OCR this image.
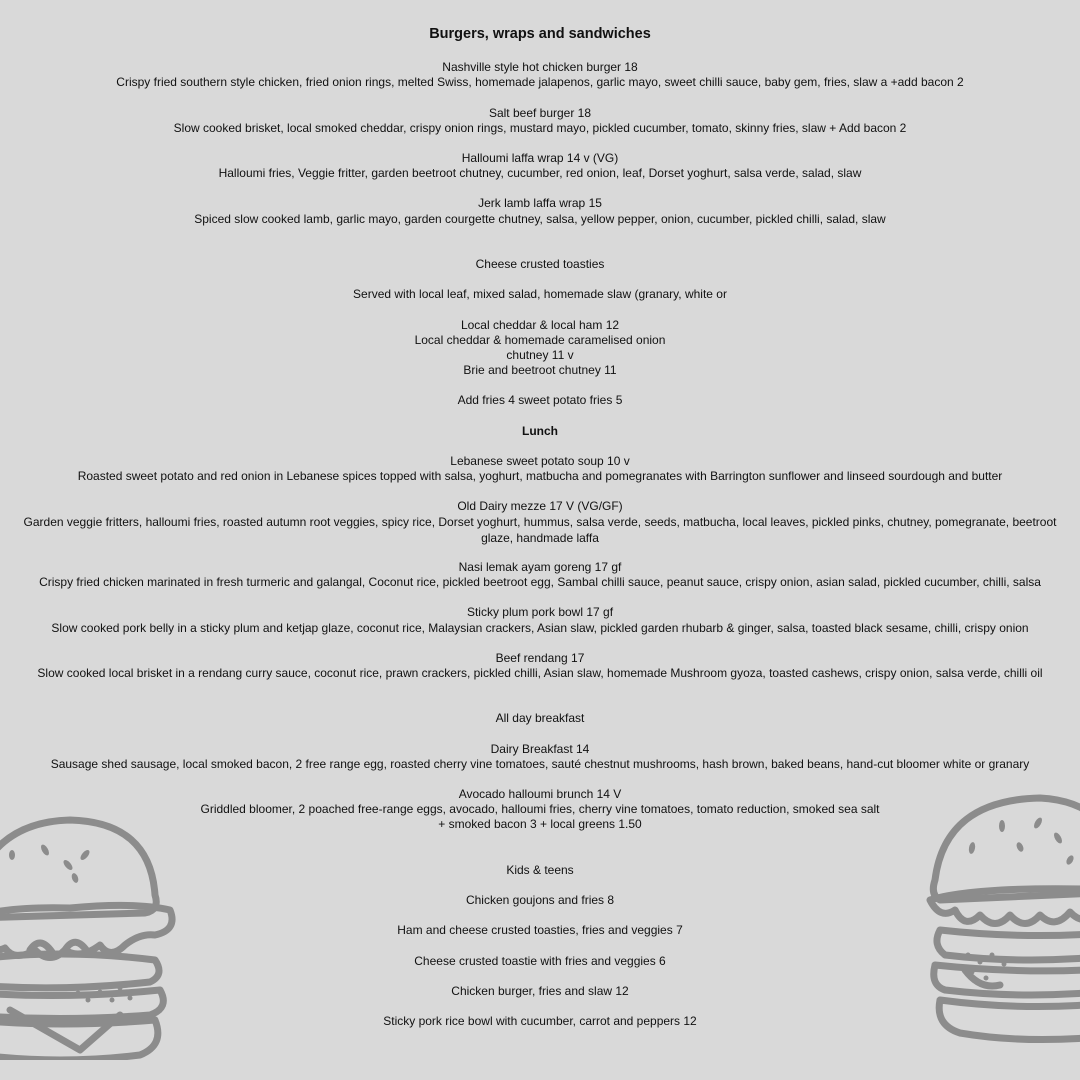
Burgers, wraps and sandwiches
Nashville style hot chicken burger 18
Crispy fried southern style chicken, fried onion rings, melted Swiss, homemade jalapenos, garlic mayo, sweet chilli sauce, baby gem, fries, slaw a +add bacon 2
Salt beef burger 18
Slow cooked brisket, local smoked cheddar, crispy onion rings, mustard mayo, pickled cucumber, tomato, skinny fries, slaw + Add bacon 2
Halloumi laffa wrap 14 v (VG)
Halloumi fries, Veggie fritter, garden beetroot chutney, cucumber, red onion, leaf, Dorset yoghurt, salsa verde, salad, slaw
Jerk lamb laffa wrap 15
Spiced slow cooked lamb, garlic mayo, garden courgette chutney, salsa, yellow pepper, onion, cucumber, pickled chilli, salad, slaw
Cheese crusted toasties
Served with local leaf, mixed salad, homemade slaw (granary, white or
Local cheddar & local ham 12
Local cheddar & homemade caramelised onion
chutney 11 v
Brie and beetroot chutney 11
Add fries 4 sweet potato fries 5
Lunch
Lebanese sweet potato soup 10 v
Roasted sweet potato and red onion in Lebanese spices topped with salsa, yoghurt, matbucha and pomegranates with Barrington sunflower and linseed sourdough and butter
Old Dairy mezze 17 V (VG/GF)
Garden veggie fritters, halloumi fries, roasted autumn root veggies, spicy rice, Dorset yoghurt, hummus, salsa verde, seeds, matbucha, local leaves, pickled pinks, chutney, pomegranate, beetroot glaze, handmade laffa
Nasi lemak ayam goreng 17 gf
Crispy fried chicken marinated in fresh turmeric and galangal, Coconut rice, pickled beetroot egg, Sambal chilli sauce, peanut sauce, crispy onion, asian salad, pickled cucumber, chilli, salsa
Sticky plum pork bowl 17 gf
Slow cooked pork belly in a sticky plum and ketjap glaze, coconut rice, Malaysian crackers, Asian slaw, pickled garden rhubarb & ginger, salsa, toasted black sesame, chilli, crispy onion
Beef rendang 17
Slow cooked local brisket in a rendang curry sauce, coconut rice, prawn crackers, pickled chilli, Asian slaw, homemade Mushroom gyoza, toasted cashews, crispy onion, salsa verde, chilli oil
All day breakfast
Dairy Breakfast 14
Sausage shed sausage, local smoked bacon, 2 free range egg, roasted cherry vine tomatoes, sauté chestnut mushrooms, hash brown, baked beans, hand-cut bloomer white or granary
Avocado halloumi brunch 14 V
Griddled bloomer, 2 poached free-range eggs, avocado, halloumi fries, cherry vine tomatoes, tomato reduction, smoked sea salt
+ smoked bacon 3 + local greens 1.50
Kids & teens
Chicken goujons and fries 8
Ham and cheese crusted toasties, fries and veggies 7
Cheese crusted toastie with fries and veggies 6
Chicken burger, fries and slaw 12
Sticky pork rice bowl with cucumber, carrot and peppers 12
